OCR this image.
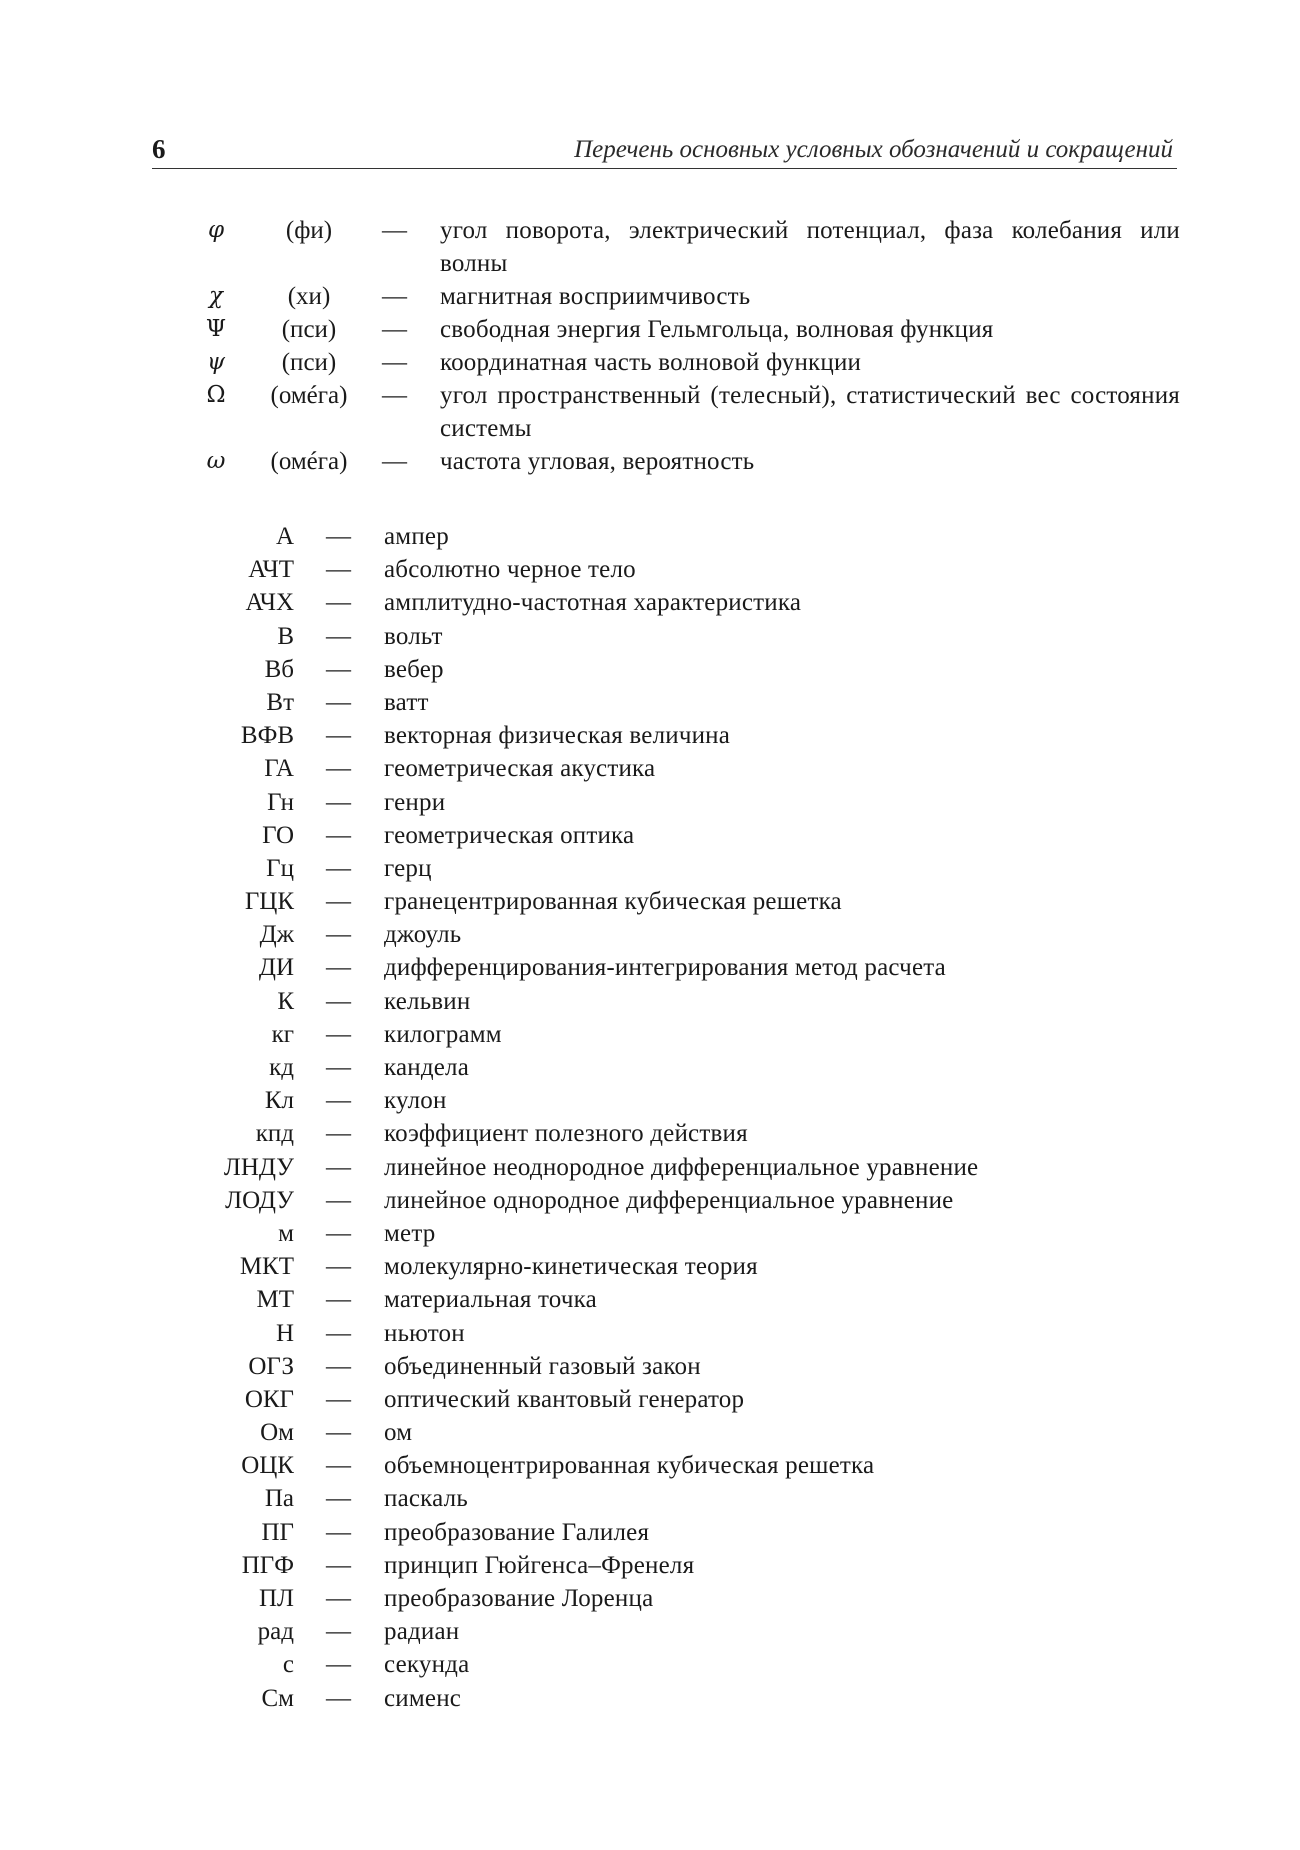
6	Перечень основных условных обозначений и сокращений
φ	(фи)	— угол поворота, электрический потенциал, фаза колебания или волны
χ	(хи)	— магнитная восприимчивость
Ψ	(пси)	— свободная энергия Гельмгольца, волновая функция
ψ	(пси)	— координатная часть волновой функции
Ω	(омéга)	— угол пространственный (телесный), статистический вес состояния системы
ω	(омéга)	— частота угловая, вероятность
А — ампер
АЧТ — абсолютно черное тело
АЧХ — амплитудно-частотная характеристика
В — вольт
Вб — вебер
Вт — ватт
ВФВ — векторная физическая величина
ГА — геометрическая акустика
Гн — генри
ГО — геометрическая оптика
Гц — герц
ГЦК — гранецентрированная кубическая решетка
Дж — джоуль
ДИ — дифференцирования-интегрирования метод расчета
К — кельвин
кг — килограмм
кд — кандела
Кл — кулон
кпд — коэффициент полезного действия
ЛНДУ — линейное неоднородное дифференциальное уравнение
ЛОДУ — линейное однородное дифференциальное уравнение
м — метр
МКТ — молекулярно-кинетическая теория
МТ — материальная точка
Н — ньютон
ОГЗ — объединенный газовый закон
ОКГ — оптический квантовый генератор
Ом — ом
ОЦК — объемноцентрированная кубическая решетка
Па — паскаль
ПГ — преобразование Галилея
ПГФ — принцип Гюйгенса–Френеля
ПЛ — преобразование Лоренца
рад — радиан
с — секунда
См — сименс
